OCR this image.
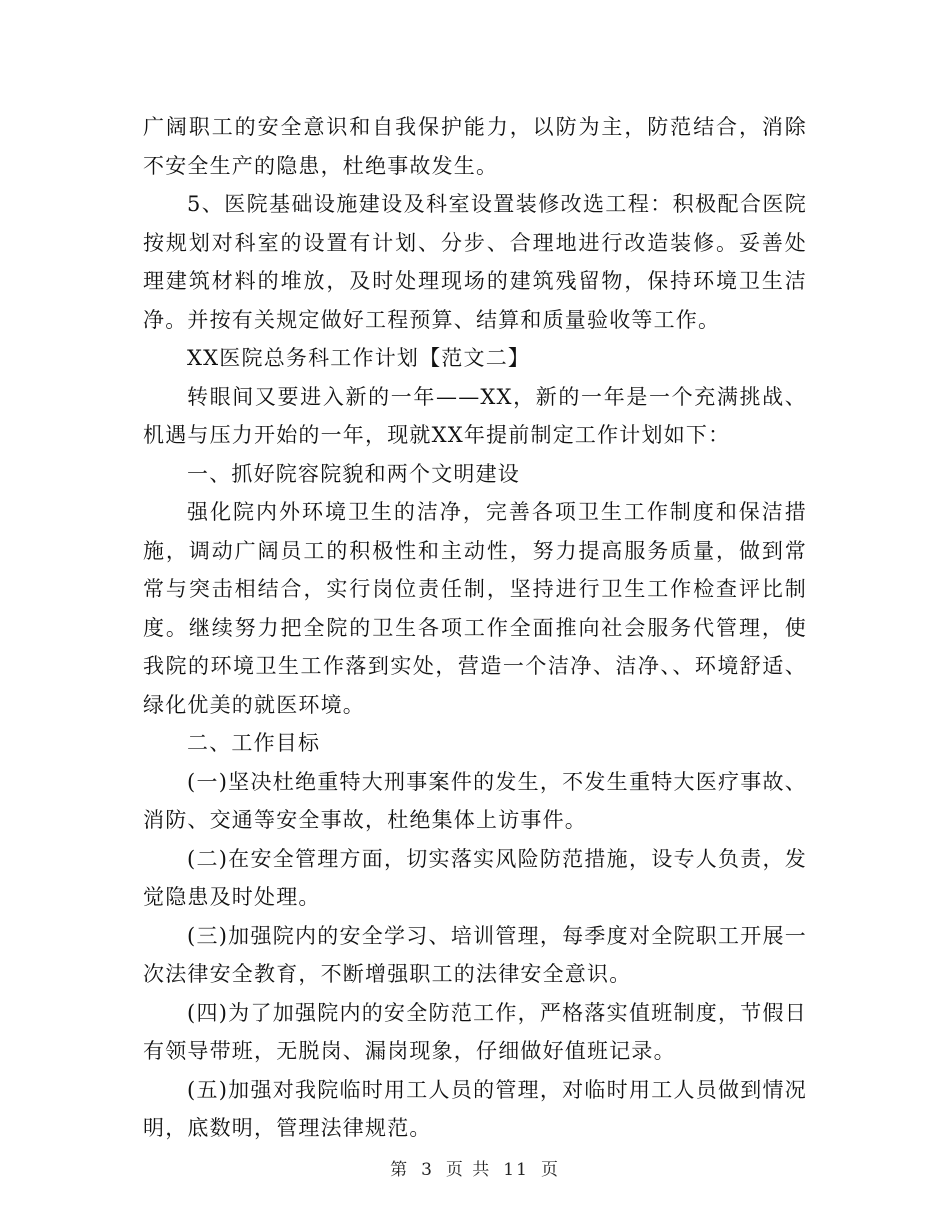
广阔职工的安全意识和自我保护能力，以防为主，防范结合，消除不安全生产的隐患，杜绝事故发生。

5、医院基础设施建设及科室设置装修改选工程：积极配合医院按规划对科室的设置有计划、分步、合理地进行改造装修。妥善处理建筑材料的堆放，及时处理现场的建筑残留物，保持环境卫生洁净。并按有关规定做好工程预算、结算和质量验收等工作。

XX医院总务科工作计划【范文二】

转眼间又要进入新的一年——XX，新的一年是一个充满挑战、机遇与压力开始的一年，现就XX年提前制定工作计划如下：

一、抓好院容院貌和两个文明建设

强化院内外环境卫生的洁净，完善各项卫生工作制度和保洁措施，调动广阔员工的积极性和主动性，努力提高服务质量，做到常常与突击相结合，实行岗位责任制，坚持进行卫生工作检查评比制度。继续努力把全院的卫生各项工作全面推向社会服务代管理，使我院的环境卫生工作落到实处，营造一个洁净、洁净、、环境舒适、绿化优美的就医环境。

二、工作目标

(一)坚决杜绝重特大刑事案件的发生，不发生重特大医疗事故、消防、交通等安全事故，杜绝集体上访事件。

(二)在安全管理方面，切实落实风险防范措施，设专人负责，发觉隐患及时处理。

(三)加强院内的安全学习、培训管理，每季度对全院职工开展一次法律安全教育，不断增强职工的法律安全意识。

(四)为了加强院内的安全防范工作，严格落实值班制度，节假日有领导带班，无脱岗、漏岗现象，仔细做好值班记录。

(五)加强对我院临时用工人员的管理，对临时用工人员做到情况明，底数明，管理法律规范。

第 3 页 共 11 页
